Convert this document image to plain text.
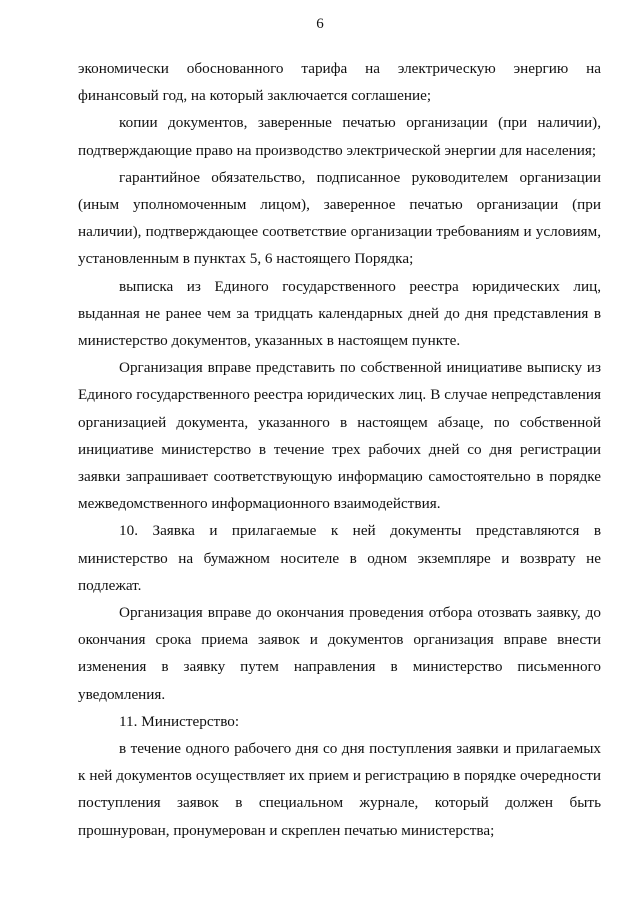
6

экономически обоснованного тарифа на электрическую энергию на финансовый год, на который заключается соглашение;

копии документов, заверенные печатью организации (при наличии), подтверждающие право на производство электрической энергии для населения;

гарантийное обязательство, подписанное руководителем организации (иным уполномоченным лицом), заверенное печатью организации (при наличии), подтверждающее соответствие организации требованиям и условиям, установленным в пунктах 5, 6 настоящего Порядка;

выписка из Единого государственного реестра юридических лиц, выданная не ранее чем за тридцать календарных дней до дня представления в министерство документов, указанных в настоящем пункте.

Организация вправе представить по собственной инициативе выписку из Единого государственного реестра юридических лиц. В случае непредставления организацией документа, указанного в настоящем абзаце, по собственной инициативе министерство в течение трех рабочих дней со дня регистрации заявки запрашивает соответствующую информацию самостоятельно в порядке межведомственного информационного взаимодействия.

10. Заявка и прилагаемые к ней документы представляются в министерство на бумажном носителе в одном экземпляре и возврату не подлежат.

Организация вправе до окончания проведения отбора отозвать заявку, до окончания срока приема заявок и документов организация вправе внести изменения в заявку путем направления в министерство письменного уведомления.

11. Министерство:

в течение одного рабочего дня со дня поступления заявки и прилагаемых к ней документов осуществляет их прием и регистрацию в порядке очередности поступления заявок в специальном журнале, который должен быть прошнурован, пронумерован и скреплен печатью министерства;
